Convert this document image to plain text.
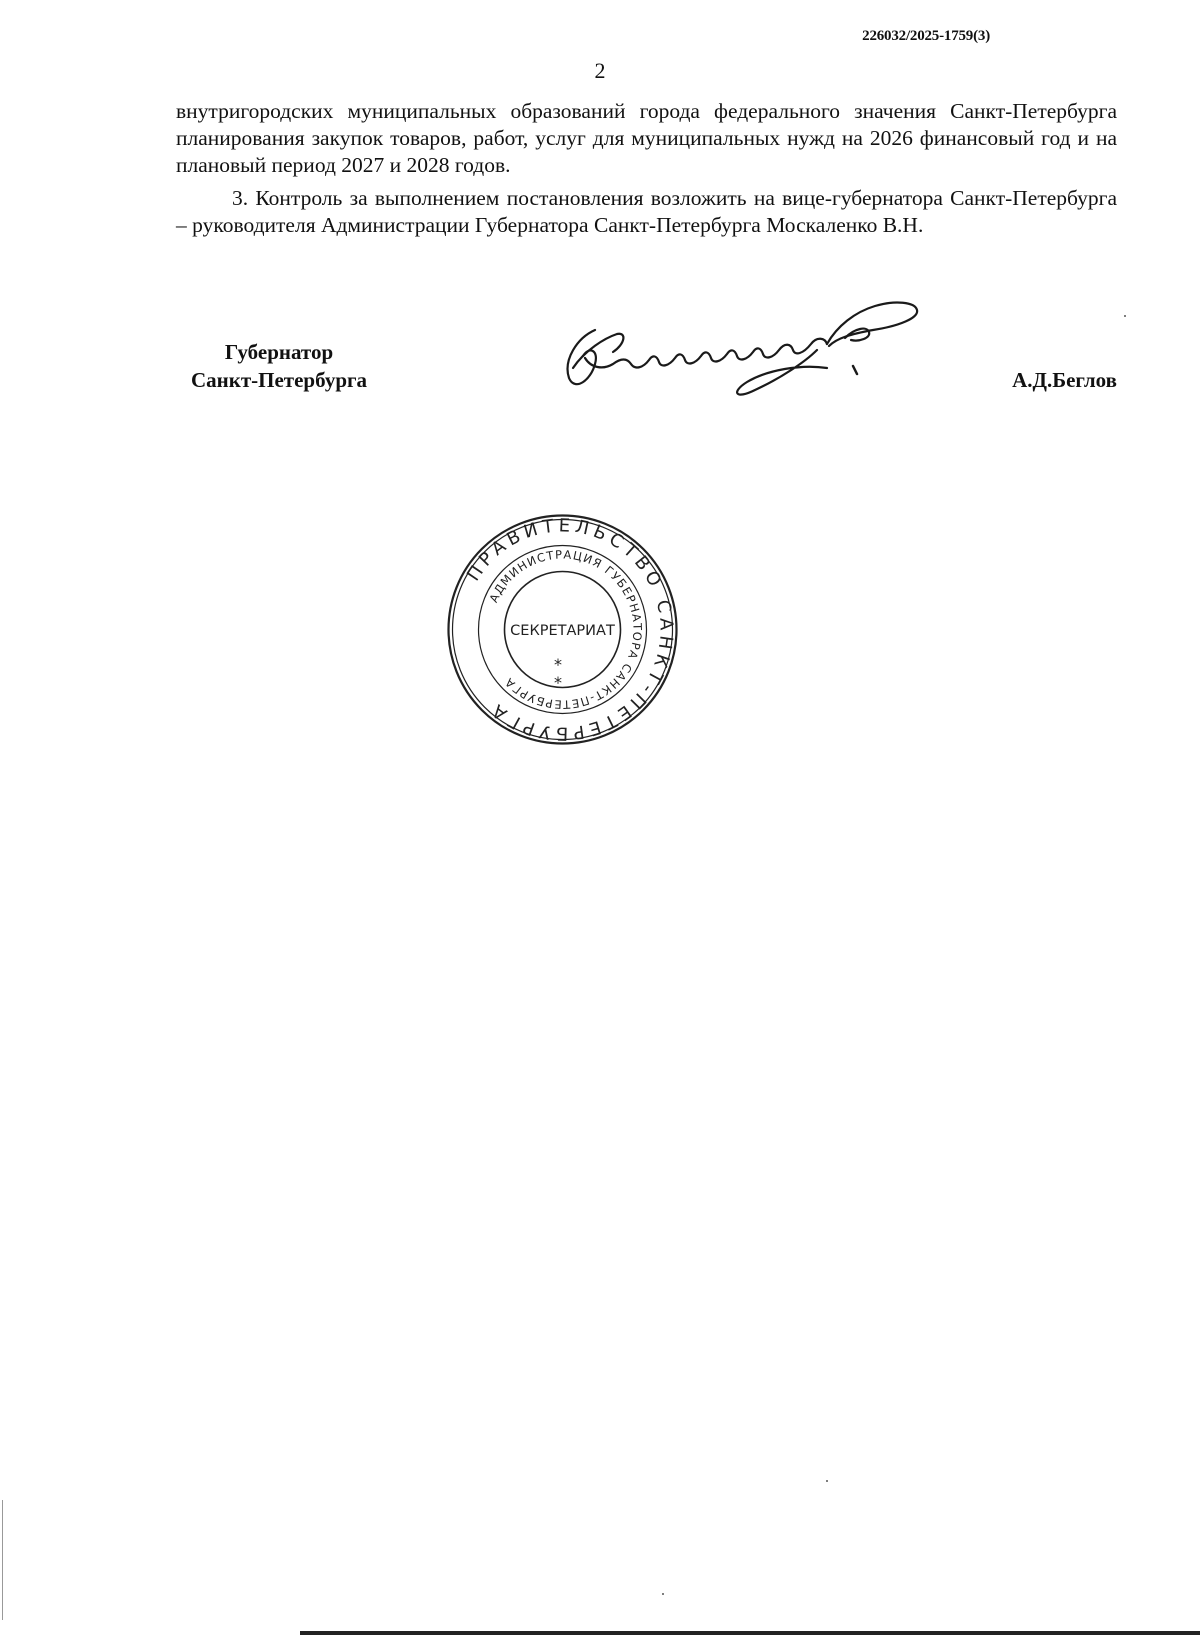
226032/2025-1759(3)
2

внутригородских муниципальных образований города федерального значения Санкт-Петербурга планирования закупок товаров, работ, услуг для муниципальных нужд на 2026 финансовый год и на плановый период 2027 и 2028 годов.

3. Контроль за выполнением постановления возложить на вице-губернатора Санкт-Петербурга – руководителя Администрации Губернатора Санкт-Петербурга Москаленко В.Н.

Губернатор
Санкт-Петербурга	А.Д.Беглов
ПРАВИТЕЛЬСТВО САНКТ-ПЕТЕРБУРГА
АДМИНИСТРАЦИЯ ГУБЕРНАТОРА САНКТ-ПЕТЕРБУРГА
СЕКРЕТАРИАТ
*
*
